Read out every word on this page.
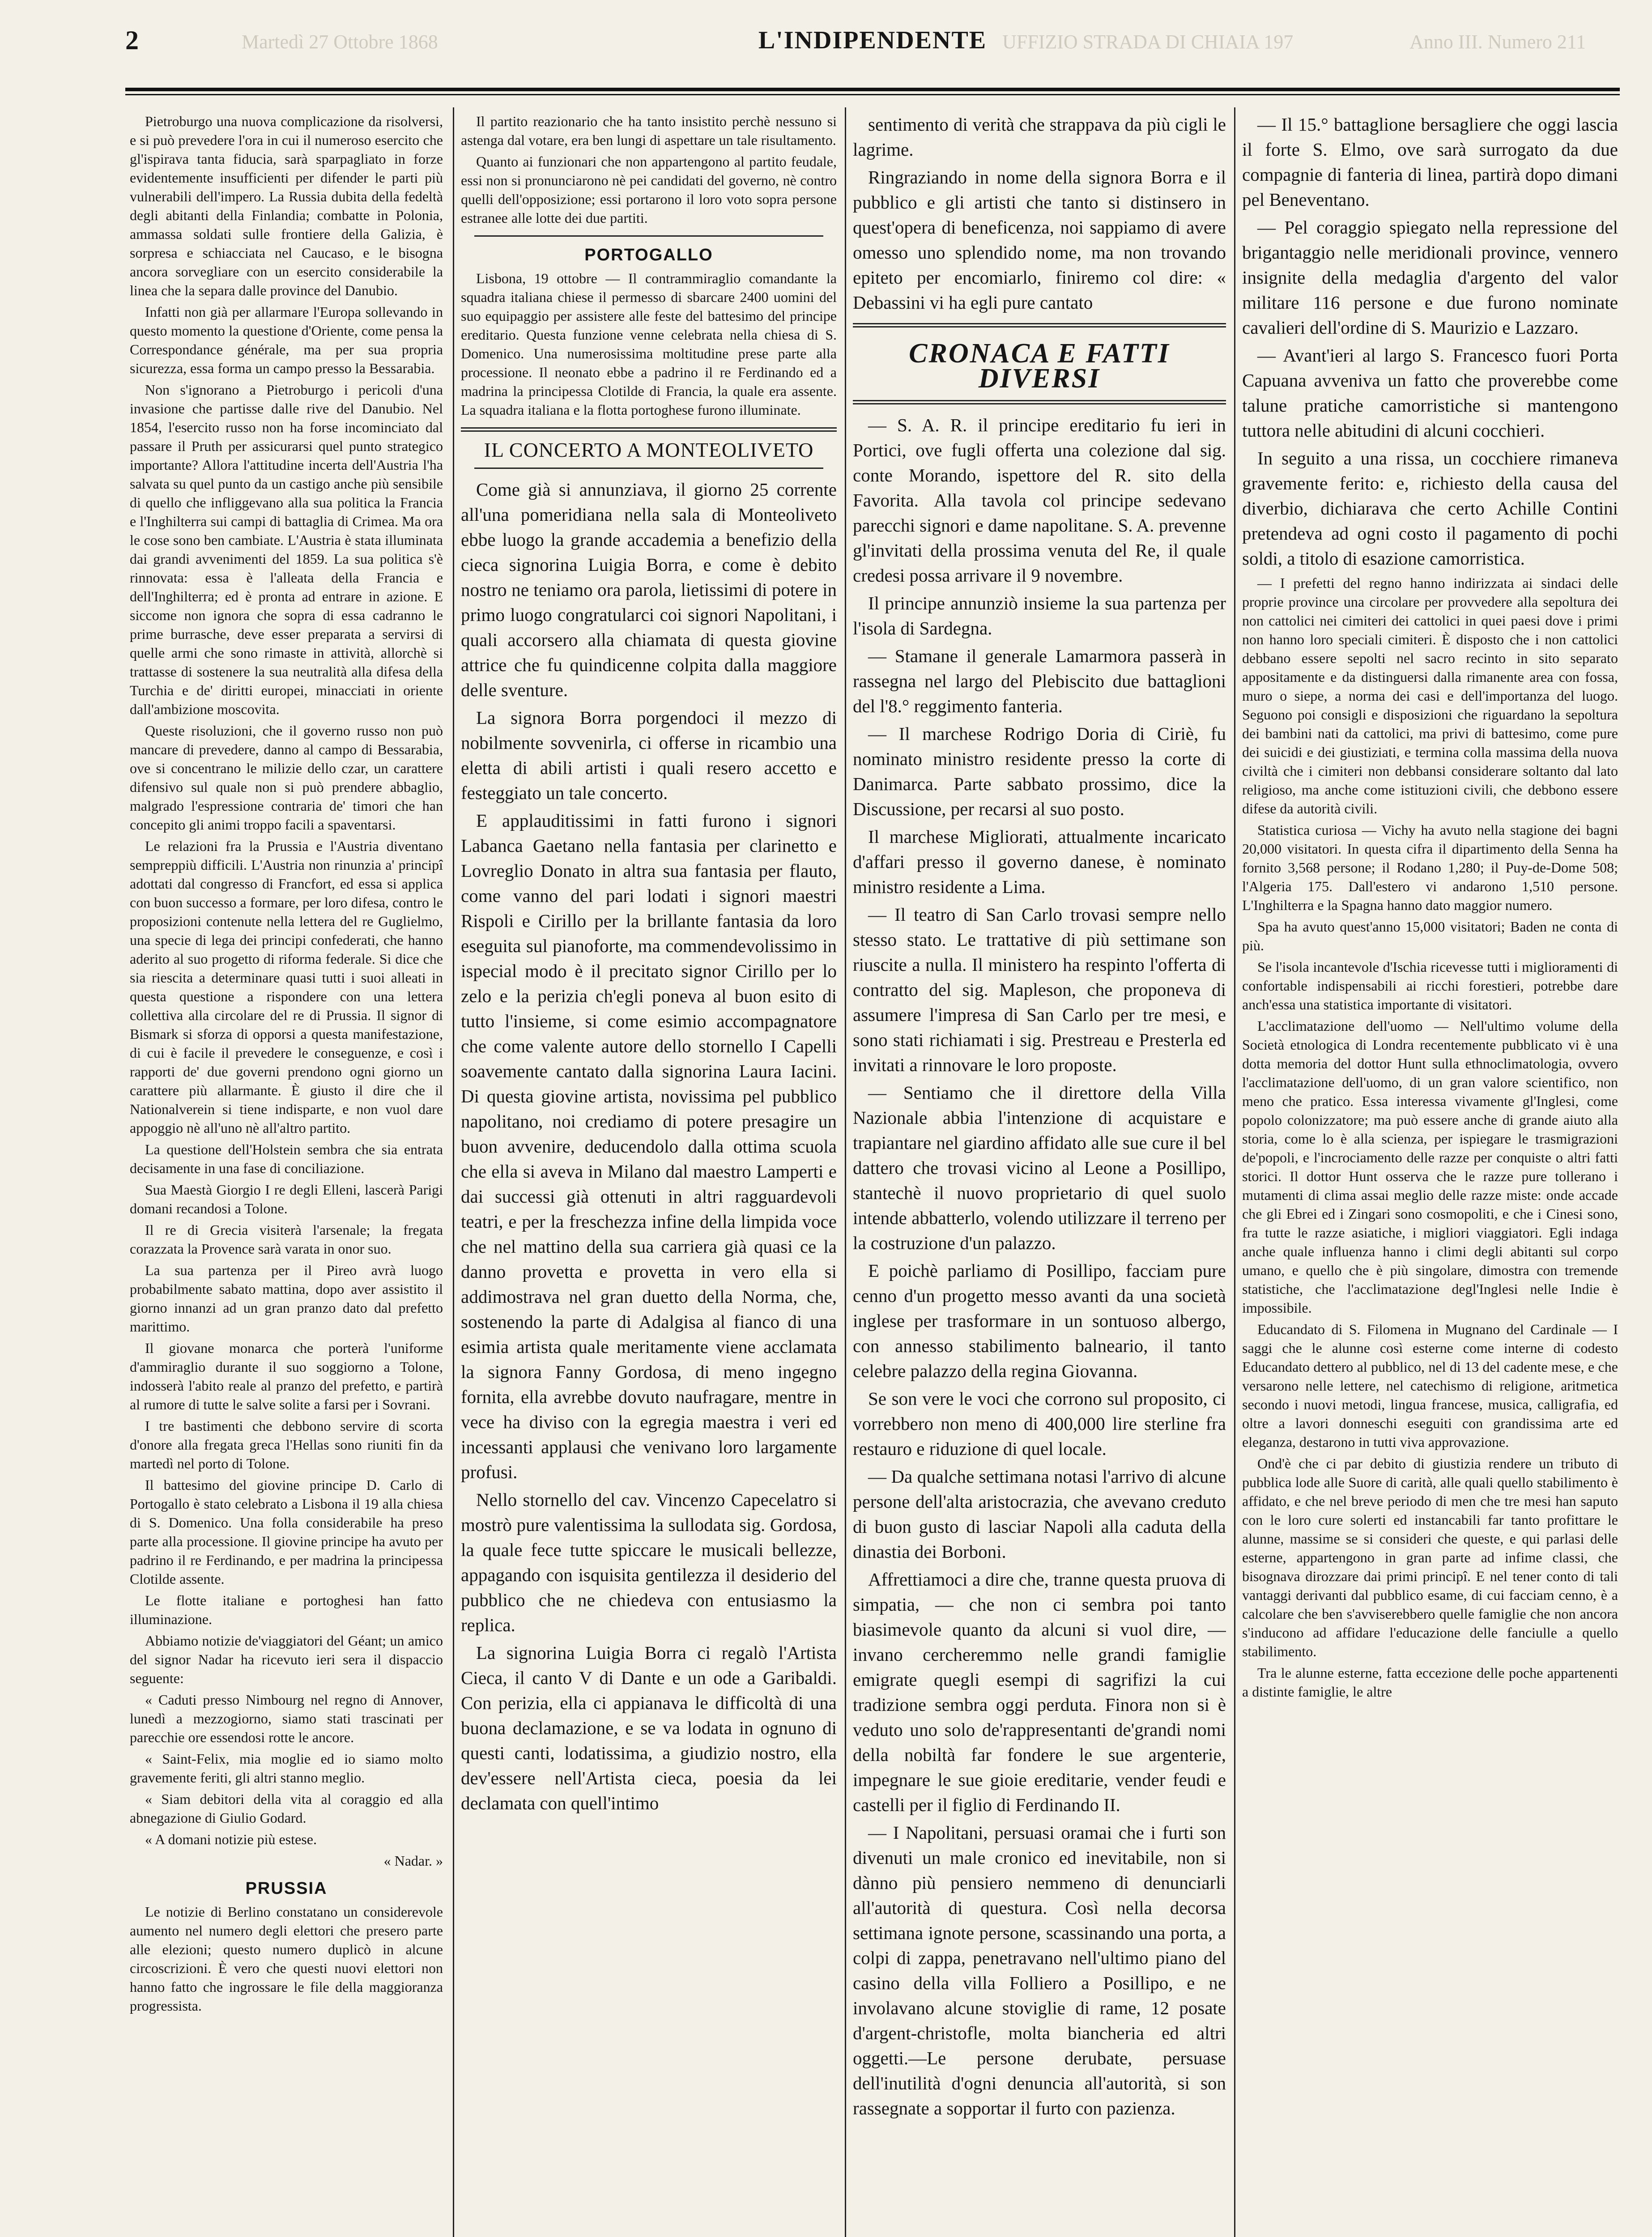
2	Martedì 27 Ottobre 1868	L'INDIPENDENTE UFFIZIO STRADA DI CHIAIA 197	Anno III. Numero 211

Pietroburgo una nuova complicazione da risolversi, e si può prevedere l'ora in cui il numeroso esercito che gl'ispirava tanta fiducia, sarà sparpagliato in forze evidentemente insufficienti per difender le parti più vulnerabili dell'impero. La Russia dubita della fedeltà degli abitanti della Finlandia; combatte in Polonia, ammassa soldati sulle frontiere della Galizia, è sorpresa e schiacciata nel Caucaso, e le bisogna ancora sorvegliare con un esercito considerabile la linea che la separa dalle province del Danubio.

Infatti non già per allarmare l'Europa sollevando in questo momento la questione d'Oriente, come pensa la Correspondance générale, ma per sua propria sicurezza, essa forma un campo presso la Bessarabia.

Non s'ignorano a Pietroburgo i pericoli d'una invasione che partisse dalle rive del Danubio. Nel 1854, l'esercito russo non ha forse incominciato dal passare il Pruth per assicurarsi quel punto strategico importante? Allora l'attitudine incerta dell'Austria l'ha salvata su quel punto da un castigo anche più sensibile di quello che infliggevano alla sua politica la Francia e l'Inghilterra sui campi di battaglia di Crimea. Ma ora le cose sono ben cambiate. L'Austria è stata illuminata dai grandi avvenimenti del 1859. La sua politica s'è rinnovata: essa è l'alleata della Francia e dell'Inghilterra; ed è pronta ad entrare in azione. E siccome non ignora che sopra di essa cadranno le prime burrasche, deve esser preparata a servirsi di quelle armi che sono rimaste in attività, allorchè si trattasse di sostenere la sua neutralità alla difesa della Turchia e de' diritti europei, minacciati in oriente dall'ambizione moscovita.

Queste risoluzioni, che il governo russo non può mancare di prevedere, danno al campo di Bessarabia, ove si concentrano le milizie dello czar, un carattere difensivo sul quale non si può prendere abbaglio, malgrado l'espressione contraria de' timori che han concepito gli animi troppo facili a spaventarsi.

Le relazioni fra la Prussia e l'Austria diventano sempreppiù difficili. L'Austria non rinunzia a' principî adottati dal congresso di Francfort, ed essa si applica con buon successo a formare, per loro difesa, contro le proposizioni contenute nella lettera del re Guglielmo, una specie di lega dei principi confederati, che hanno aderito al suo progetto di riforma federale. Si dice che sia riescita a determinare quasi tutti i suoi alleati in questa questione a rispondere con una lettera collettiva alla circolare del re di Prussia. Il signor di Bismark si sforza di opporsi a questa manifestazione, di cui è facile il prevedere le conseguenze, e così i rapporti de' due governi prendono ogni giorno un carattere più allarmante. È giusto il dire che il Nationalverein si tiene indisparte, e non vuol dare appoggio nè all'uno nè all'altro partito.

La questione dell'Holstein sembra che sia entrata decisamente in una fase di conciliazione.

Sua Maestà Giorgio I re degli Elleni, lascerà Parigi domani recandosi a Tolone.

Il re di Grecia visiterà l'arsenale; la fregata corazzata la Provence sarà varata in onor suo.

La sua partenza per il Pireo avrà luogo probabilmente sabato mattina, dopo aver assistito il giorno innanzi ad un gran pranzo dato dal prefetto marittimo.

Il giovane monarca che porterà l'uniforme d'ammiraglio durante il suo soggiorno a Tolone, indosserà l'abito reale al pranzo del prefetto, e partirà al rumore di tutte le salve solite a farsi per i Sovrani.

I tre bastimenti che debbono servire di scorta d'onore alla fregata greca l'Hellas sono riuniti fin da martedì nel porto di Tolone.

Il battesimo del giovine principe D. Carlo di Portogallo è stato celebrato a Lisbona il 19 alla chiesa di S. Domenico. Una folla considerabile ha preso parte alla processione. Il giovine principe ha avuto per padrino il re Ferdinando, e per madrina la principessa Clotilde assente.

Le flotte italiane e portoghesi han fatto illuminazione.

Abbiamo notizie de'viaggiatori del Géant; un amico del signor Nadar ha ricevuto ieri sera il dispaccio seguente:

« Caduti presso Nimbourg nel regno di Annover, lunedì a mezzogiorno, siamo stati trascinati per parecchie ore essendosi rotte le ancore.

« Saint-Felix, mia moglie ed io siamo molto gravemente feriti, gli altri stanno meglio.

« Siam debitori della vita al coraggio ed alla abnegazione di Giulio Godard.

« A domani notizie più estese.

« Nadar. »
PRUSSIA

Le notizie di Berlino constatano un considerevole aumento nel numero degli elettori che presero parte alle elezioni; questo numero duplicò in alcune circoscrizioni. È vero che questi nuovi elettori non hanno fatto che ingrossare le file della maggioranza progressista.

Il partito reazionario che ha tanto insistito perchè nessuno si astenga dal votare, era ben lungi di aspettare un tale risultamento.

Quanto ai funzionari che non appartengono al partito feudale, essi non si pronunciarono nè pei candidati del governo, nè contro quelli dell'opposizione; essi portarono il loro voto sopra persone estranee alle lotte dei due partiti.

PORTOGALLO

Lisbona, 19 ottobre — Il contrammiraglio comandante la squadra italiana chiese il permesso di sbarcare 2400 uomini del suo equipaggio per assistere alle feste del battesimo del principe ereditario. Questa funzione venne celebrata nella chiesa di S. Domenico. Una numerosissima moltitudine prese parte alla processione. Il neonato ebbe a padrino il re Ferdinando ed a madrina la principessa Clotilde di Francia, la quale era assente. La squadra italiana e la flotta portoghese furono illuminate.

IL CONCERTO A MONTEOLIVETO

Come già si annunziava, il giorno 25 corrente all'una pomeridiana nella sala di Monteoliveto ebbe luogo la grande accademia a benefizio della cieca signorina Luigia Borra, e come è debito nostro ne teniamo ora parola, lietissimi di potere in primo luogo congratularci coi signori Napolitani, i quali accorsero alla chiamata di questa giovine attrice che fu quindicenne colpita dalla maggiore delle sventure.

La signora Borra porgendoci il mezzo di nobilmente sovvenirla, ci offerse in ricambio una eletta di abili artisti i quali resero accetto e festeggiato un tale concerto.

E applauditissimi in fatti furono i signori Labanca Gaetano nella fantasia per clarinetto e Lovreglio Donato in altra sua fantasia per flauto, come vanno del pari lodati i signori maestri Rispoli e Cirillo per la brillante fantasia da loro eseguita sul pianoforte, ma commendevolissimo in ispecial modo è il precitato signor Cirillo per lo zelo e la perizia ch'egli poneva al buon esito di tutto l'insieme, si come esimio accompagnatore che come valente autore dello stornello I Capelli soavemente cantato dalla signorina Laura Iacini. Di questa giovine artista, novissima pel pubblico napolitano, noi crediamo di potere presagire un buon avvenire, deducendolo dalla ottima scuola che ella si aveva in Milano dal maestro Lamperti e dai successi già ottenuti in altri ragguardevoli teatri, e per la freschezza infine della limpida voce che nel mattino della sua carriera già quasi ce la danno provetta e provetta in vero ella si addimostrava nel gran duetto della Norma, che, sostenendo la parte di Adalgisa al fianco di una esimia artista quale meritamente viene acclamata la signora Fanny Gordosa, di meno ingegno fornita, ella avrebbe dovuto naufragare, mentre in vece ha diviso con la egregia maestra i veri ed incessanti applausi che venivano loro largamente profusi.

Nello stornello del cav. Vincenzo Capecelatro si mostrò pure valentissima la sullodata sig. Gordosa, la quale fece tutte spiccare le musicali bellezze, appagando con isquisita gentilezza il desiderio del pubblico che ne chiedeva con entusiasmo la replica.

La signorina Luigia Borra ci regalò l'Artista Cieca, il canto V di Dante e un ode a Garibaldi. Con perizia, ella ci appianava le difficoltà di una buona declamazione, e se va lodata in ognuno di questi canti, lodatissima, a giudizio nostro, ella dev'essere nell'Artista cieca, poesia da lei declamata con quell'intimo

sentimento di verità che strappava da più cigli le lagrime.

Ringraziando in nome della signora Borra e il pubblico e gli artisti che tanto si distinsero in quest'opera di beneficenza, noi sappiamo di avere omesso uno splendido nome, ma non trovando epiteto per encomiarlo, finiremo col dire: « Debassini vi ha egli pure cantato

CRONACA E FATTI DIVERSI

— S. A. R. il principe ereditario fu ieri in Portici, ove fugli offerta una colezione dal sig. conte Morando, ispettore del R. sito della Favorita. Alla tavola col principe sedevano parecchi signori e dame napolitane. S. A. prevenne gl'invitati della prossima venuta del Re, il quale credesi possa arrivare il 9 novembre.

Il principe annunziò insieme la sua partenza per l'isola di Sardegna.

— Stamane il generale Lamarmora passerà in rassegna nel largo del Plebiscito due battaglioni del l'8.° reggimento fanteria.

— Il marchese Rodrigo Doria di Ciriè, fu nominato ministro residente presso la corte di Danimarca. Parte sabbato prossimo, dice la Discussione, per recarsi al suo posto.

Il marchese Migliorati, attualmente incaricato d'affari presso il governo danese, è nominato ministro residente a Lima.

— Il teatro di San Carlo trovasi sempre nello stesso stato. Le trattative di più settimane son riuscite a nulla. Il ministero ha respinto l'offerta di contratto del sig. Mapleson, che proponeva di assumere l'impresa di San Carlo per tre mesi, e sono stati richiamati i sig. Prestreau e Presterla ed invitati a rinnovare le loro proposte.

— Sentiamo che il direttore della Villa Nazionale abbia l'intenzione di acquistare e trapiantare nel giardino affidato alle sue cure il bel dattero che trovasi vicino al Leone a Posillipo, stantechè il nuovo proprietario di quel suolo intende abbatterlo, volendo utilizzare il terreno per la costruzione d'un palazzo.

E poichè parliamo di Posillipo, facciam pure cenno d'un progetto messo avanti da una società inglese per trasformare in un sontuoso albergo, con annesso stabilimento balneario, il tanto celebre palazzo della regina Giovanna.

Se son vere le voci che corrono sul proposito, ci vorrebbero non meno di 400,000 lire sterline fra restauro e riduzione di quel locale.

— Da qualche settimana notasi l'arrivo di alcune persone dell'alta aristocrazia, che avevano creduto di buon gusto di lasciar Napoli alla caduta della dinastia dei Borboni.

Affrettiamoci a dire che, tranne questa pruova di simpatia, — che non ci sembra poi tanto biasimevole quanto da alcuni si vuol dire, — invano cercheremmo nelle grandi famiglie emigrate quegli esempi di sagrifizi la cui tradizione sembra oggi perduta. Finora non si è veduto uno solo de'rappresentanti de'grandi nomi della nobiltà far fondere le sue argenterie, impegnare le sue gioie ereditarie, vender feudi e castelli per il figlio di Ferdinando II.

— I Napolitani, persuasi oramai che i furti son divenuti un male cronico ed inevitabile, non si dànno più pensiero nemmeno di denunciarli all'autorità di questura. Così nella decorsa settimana ignote persone, scassinando una porta, a colpi di zappa, penetravano nell'ultimo piano del casino della villa Folliero a Posillipo, e ne involavano alcune stoviglie di rame, 12 posate d'argent-christofle, molta biancheria ed altri oggetti.—Le persone derubate, persuase dell'inutilità d'ogni denuncia all'autorità, si son rassegnate a sopportar il furto con pazienza.

— Il 15.° battaglione bersagliere che oggi lascia il forte S. Elmo, ove sarà surrogato da due compagnie di fanteria di linea, partirà dopo dimani pel Beneventano.

— Pel coraggio spiegato nella repressione del brigantaggio nelle meridionali province, vennero insignite della medaglia d'argento del valor militare 116 persone e due furono nominate cavalieri dell'ordine di S. Maurizio e Lazzaro.

— Avant'ieri al largo S. Francesco fuori Porta Capuana avveniva un fatto che proverebbe come talune pratiche camorristiche si mantengono tuttora nelle abitudini di alcuni cocchieri.

In seguito a una rissa, un cocchiere rimaneva gravemente ferito: e, richiesto della causa del diverbio, dichiarava che certo Achille Contini pretendeva ad ogni costo il pagamento di pochi soldi, a titolo di esazione camorristica.

— I prefetti del regno hanno indirizzata ai sindaci delle proprie province una circolare per provvedere alla sepoltura dei non cattolici nei cimiteri dei cattolici in quei paesi dove i primi non hanno loro speciali cimiteri. È disposto che i non cattolici debbano essere sepolti nel sacro recinto in sito separato appositamente e da distinguersi dalla rimanente area con fossa, muro o siepe, a norma dei casi e dell'importanza del luogo. Seguono poi consigli e disposizioni che riguardano la sepoltura dei bambini nati da cattolici, ma privi di battesimo, come pure dei suicidi e dei giustiziati, e termina colla massima della nuova civiltà che i cimiteri non debbansi considerare soltanto dal lato religioso, ma anche come istituzioni civili, che debbono essere difese da autorità civili.

Statistica curiosa — Vichy ha avuto nella stagione dei bagni 20,000 visitatori. In questa cifra il dipartimento della Senna ha fornito 3,568 persone; il Rodano 1,280; il Puy-de-Dome 508; l'Algeria 175. Dall'estero vi andarono 1,510 persone. L'Inghilterra e la Spagna hanno dato maggior numero.

Spa ha avuto quest'anno 15,000 visitatori; Baden ne conta di più.

Se l'isola incantevole d'Ischia ricevesse tutti i miglioramenti di confortable indispensabili ai ricchi forestieri, potrebbe dare anch'essa una statistica importante di visitatori.

L'acclimatazione dell'uomo — Nell'ultimo volume della Società etnologica di Londra recentemente pubblicato vi è una dotta memoria del dottor Hunt sulla ethnoclimatologia, ovvero l'acclimatazione dell'uomo, di un gran valore scientifico, non meno che pratico. Essa interessa vivamente gl'Inglesi, come popolo colonizzatore; ma può essere anche di grande aiuto alla storia, come lo è alla scienza, per ispiegare le trasmigrazioni de'popoli, e l'incrociamento delle razze per conquiste o altri fatti storici. Il dottor Hunt osserva che le razze pure tollerano i mutamenti di clima assai meglio delle razze miste: onde accade che gli Ebrei ed i Zingari sono cosmopoliti, e che i Cinesi sono, fra tutte le razze asiatiche, i migliori viaggiatori. Egli indaga anche quale influenza hanno i climi degli abitanti sul corpo umano, e quello che è più singolare, dimostra con tremende statistiche, che l'acclimatazione degl'Inglesi nelle Indie è impossibile.

Educandato di S. Filomena in Mugnano del Cardinale — I saggi che le alunne così esterne come interne di codesto Educandato dettero al pubblico, nel di 13 del cadente mese, e che versarono nelle lettere, nel catechismo di religione, aritmetica secondo i nuovi metodi, lingua francese, musica, calligrafia, ed oltre a lavori donneschi eseguiti con grandissima arte ed eleganza, destarono in tutti viva approvazione.

Ond'è che ci par debito di giustizia rendere un tributo di pubblica lode alle Suore di carità, alle quali quello stabilimento è affidato, e che nel breve periodo di men che tre mesi han saputo con le loro cure solerti ed instancabili far tanto profittare le alunne, massime se si consideri che queste, e qui parlasi delle esterne, appartengono in gran parte ad infime classi, che bisognava dirozzare dai primi principî. E nel tener conto di tali vantaggi derivanti dal pubblico esame, di cui facciam cenno, è a calcolare che ben s'avviserebbero quelle famiglie che non ancora s'inducono ad affidare l'educazione delle fanciulle a quello stabilimento.

Tra le alunne esterne, fatta eccezione delle poche appartenenti a distinte famiglie, le altre
